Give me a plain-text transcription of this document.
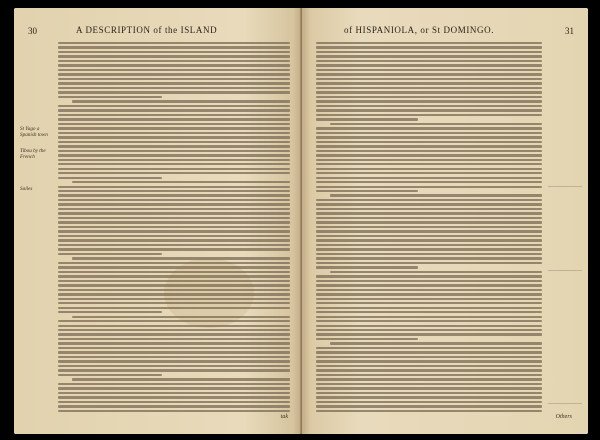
30	A DESCRIPTION of the ISLAND
St Yago a Spanish town
Tibou by the French
Sailes
tak
of HISPANIOLA, or St DOMINGO.	31
Others
